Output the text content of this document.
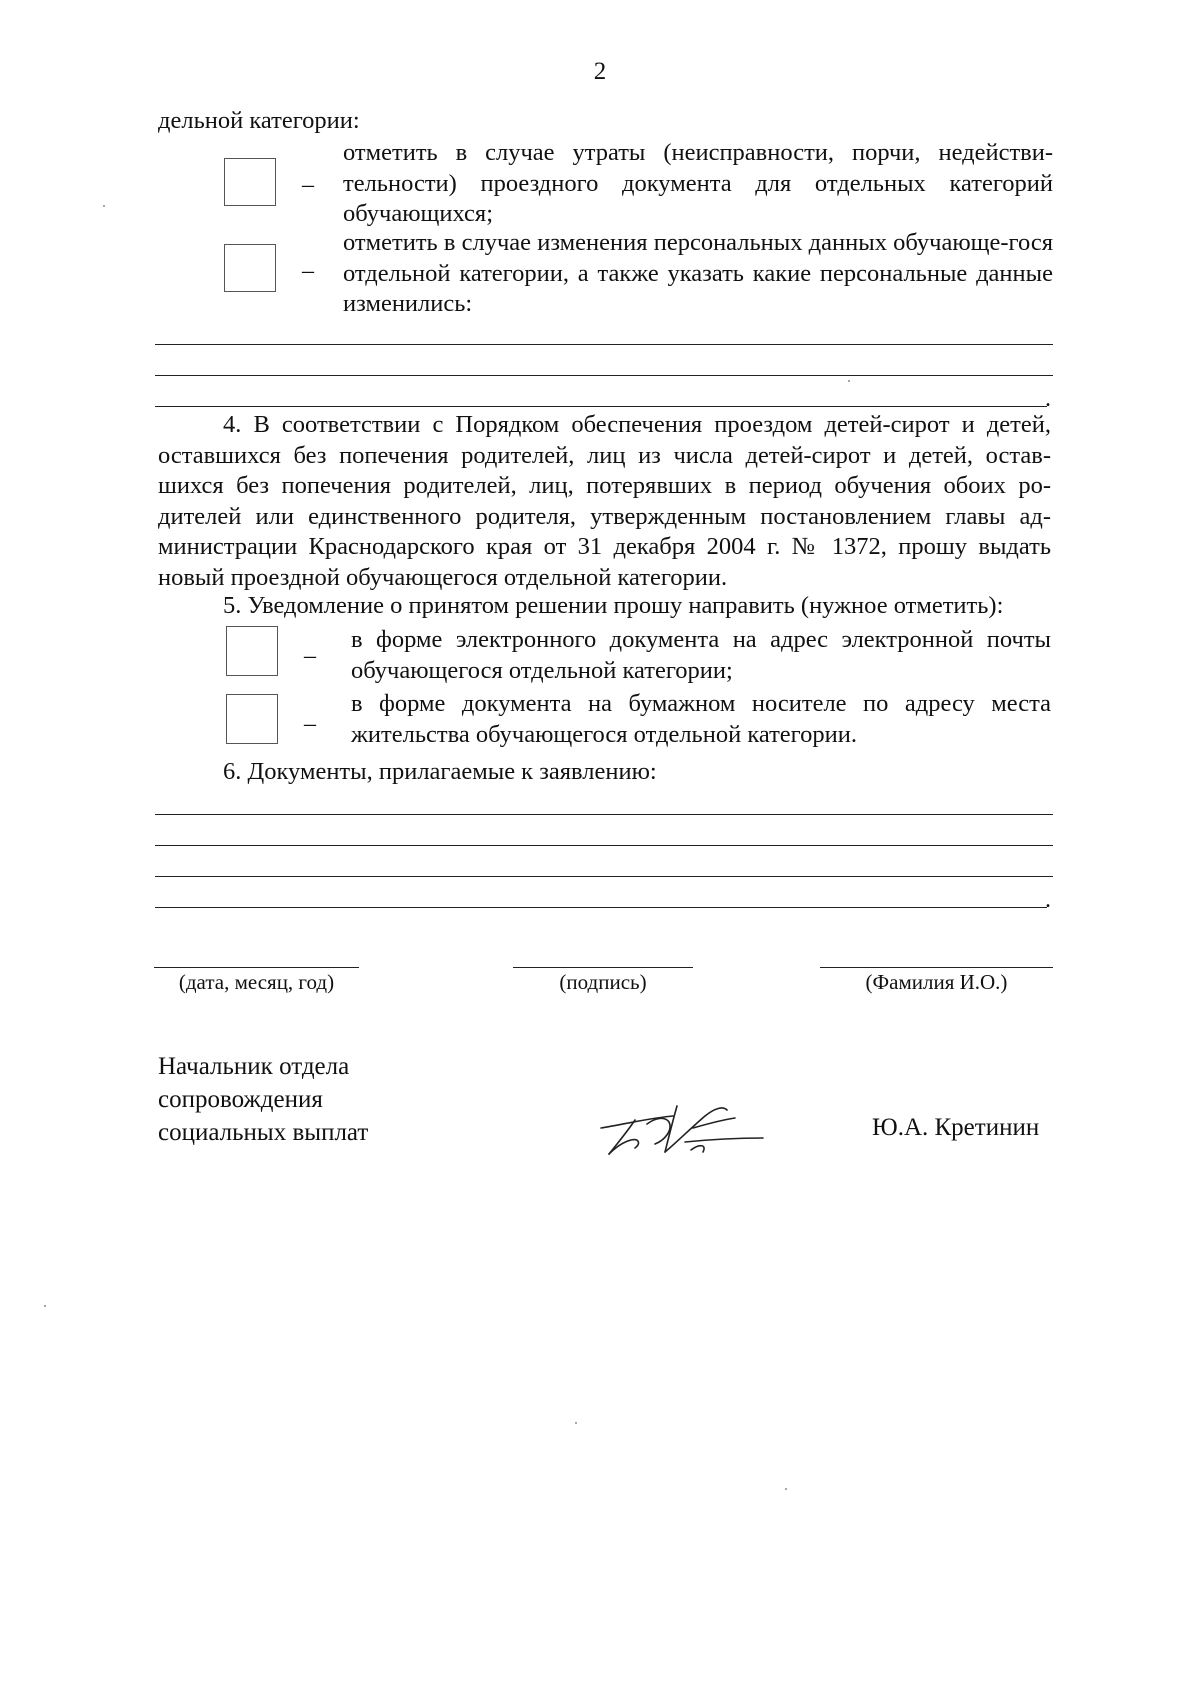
2
дельной категории:
–
отметить в случае утраты (неисправности, порчи, недействи-тельности) проездного документа для отдельных категорий обучающихся;
–
отметить в случае изменения персональных данных обучающе-гося отдельной категории, а также указать какие персональные данные изменились:
.
4. В соответствии с Порядком обеспечения проездом детей-сирот и детей, оставшихся без попечения родителей, лиц из числа детей-сирот и детей, остав-шихся без попечения родителей, лиц, потерявших в период обучения обоих ро-дителей или единственного родителя, утвержденным постановлением главы ад-министрации Краснодарского края от 31 декабря 2004 г. № 1372, прошу выдать новый проездной обучающегося отдельной категории.
5. Уведомление о принятом решении прошу направить (нужное отметить):
_ в форме электронного документа на адрес электронной почты обучающегося отдельной категории;
_ в форме документа на бумажном носителе по адресу места жительства обучающегося отдельной категории.
6. Документы, прилагаемые к заявлению:
.
(дата, месяц, год)	(подпись)	(Фамилия И.О.)
Начальник отдела сопровождения социальных выплат	Ю.А. Кретинин
